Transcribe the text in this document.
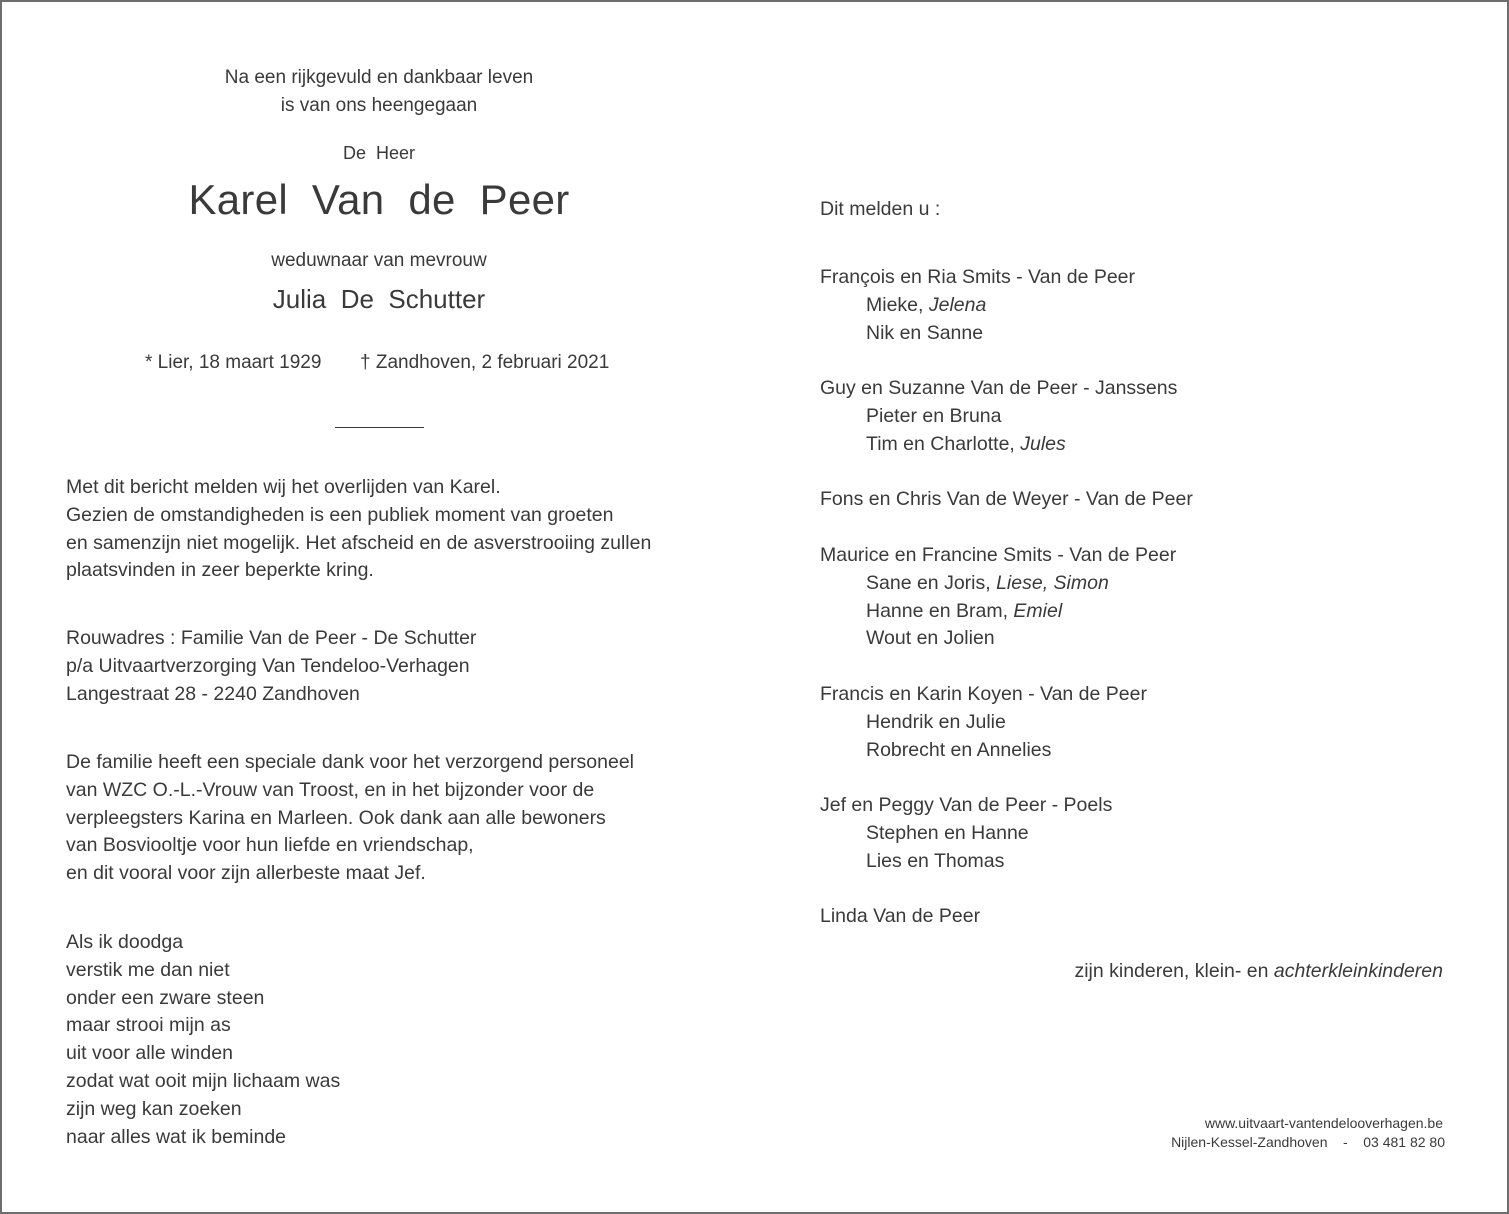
Na een rijkgevuld en dankbaar leven
is van ons heengegaan
De  Heer
Karel  Van  de  Peer
weduwnaar van mevrouw
Julia  De  Schutter
* Lier, 18 maart 1929 † Zandhoven, 2 februari 2021
Met dit bericht melden wij het overlijden van Karel.
Gezien de omstandigheden is een publiek moment van groeten
en samenzijn niet mogelijk. Het afscheid en de asverstrooiing zullen
plaatsvinden in zeer beperkte kring.
Rouwadres : Familie Van de Peer - De Schutter
p/a Uitvaartverzorging Van Tendeloo-Verhagen
Langestraat 28 - 2240 Zandhoven
De familie heeft een speciale dank voor het verzorgend personeel
van WZC O.-L.-Vrouw van Troost, en in het bijzonder voor de
verpleegsters Karina en Marleen. Ook dank aan alle bewoners
van Bosviooltje voor hun liefde en vriendschap,
en dit vooral voor zijn allerbeste maat Jef.
Als ik doodga
verstik me dan niet
onder een zware steen
maar strooi mijn as
uit voor alle winden
zodat wat ooit mijn lichaam was
zijn weg kan zoeken
naar alles wat ik beminde
Dit melden u :
François en Ria Smits - Van de Peer
Mieke, Jelena
Nik en Sanne
Guy en Suzanne Van de Peer - Janssens
Pieter en Bruna
Tim en Charlotte, Jules
Fons en Chris Van de Weyer - Van de Peer
Maurice en Francine Smits - Van de Peer
Sane en Joris, Liese, Simon
Hanne en Bram, Emiel
Wout en Jolien
Francis en Karin Koyen - Van de Peer
Hendrik en Julie
Robrecht en Annelies
Jef en Peggy Van de Peer - Poels
Stephen en Hanne
Lies en Thomas
Linda Van de Peer
zijn kinderen, klein- en achterkleinkinderen
www.uitvaart-vantendelooverhagen.be
Nijlen-Kessel-Zandhoven    -    03 481 82 80
